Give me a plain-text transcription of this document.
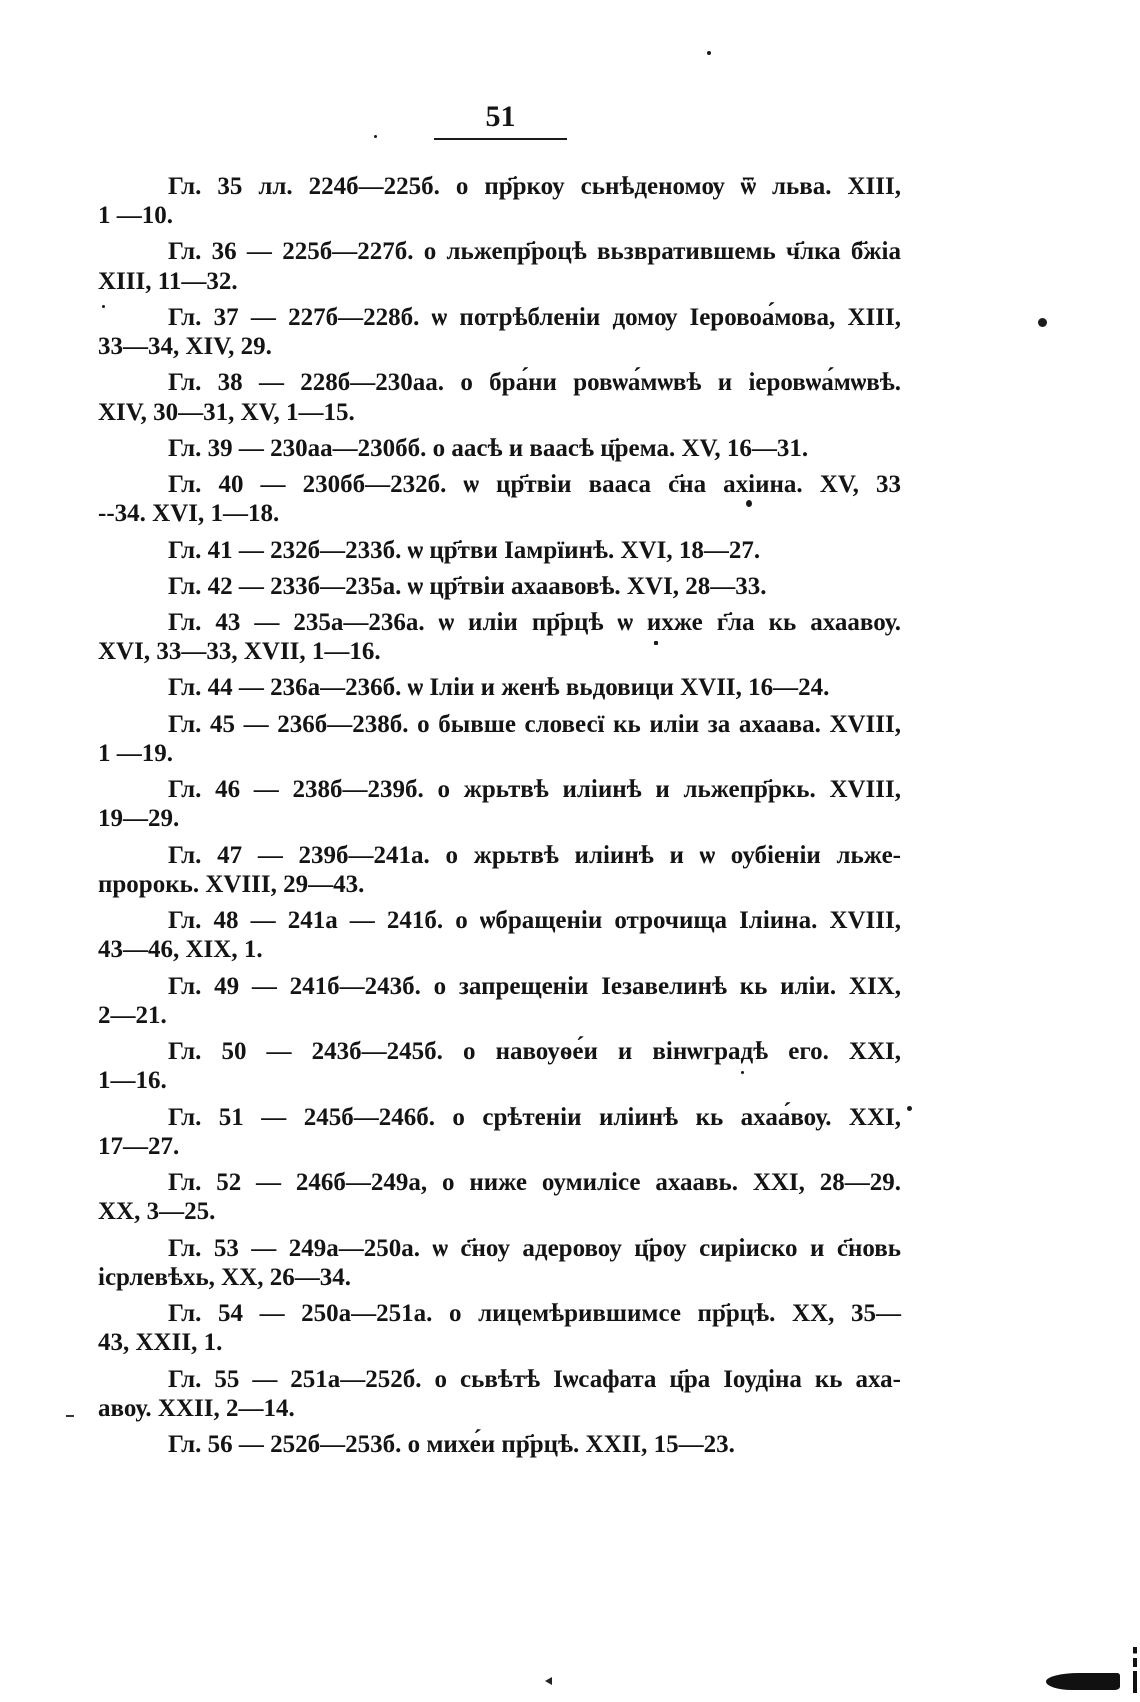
51
Гл. 35 лл. 224б—225б. о пр҃ркоу сьнѣденомѹ ѿ льва. XIII,
1 —10.
Гл. 36 — 225б—227б. о льжепр҃роцѣ вьзвратившемь ч҃лка б҃жіа
XIII, 11—32.
Гл. 37 — 227б—228б. ѡ потрѣбленіи домѹ Іеровоа́мова, XIII,
33—34, XIV, 29.
Гл. 38 — 228б—230аа. о бра́ни ровѡа́мѡвѣ и іеровѡа́мѡвѣ.
XIV, 30—31, XV, 1—15.
Гл. 39 — 230аа—230бб. о аасѣ и ваасѣ ц҃рема. XV, 16—31.
Гл. 40 — 230бб—232б. ѡ цр҃твіи вааса с҃на ахіина. XV, 33
--34. XVI, 1—18.
Гл. 41 — 232б—233б. ѡ цр҃тви Іамрїинѣ. XVI, 18—27.
Гл. 42 — 233б—235а. ѡ цр҃твіи ахаавовѣ. XVI, 28—33.
Гл. 43 — 235а—236а. ѡ иліи пр҃рцѣ ѡ ихже г҃ла кь ахаавоу.
XVI, 33—33, XVII, 1—16.
Гл. 44 — 236а—236б. ѡ Іліи и женѣ вьдовици XVII, 16—24.
Гл. 45 — 236б—238б. о бывше словесї кь иліи за ахаава. XVIII,
1 —19.
Гл. 46 — 238б—239б. о жрьтвѣ иліинѣ и льжепр҃ркь. XVIII,
19—29.
Гл. 47 — 239б—241а. о жрьтвѣ иліинѣ и ѡ оубіеніи льже-
пророкь. XVIII, 29—43.
Гл. 48 — 241а — 241б. о ѡбращеніи отрочища Іліина. XVIII,
43—46, XIX, 1.
Гл. 49 — 241б—243б. о запрещеніи Іезавелинѣ кь иліи. XIX,
2—21.
Гл. 50 — 243б—245б. о навоуѳе́и и вінѡградѣ его. XXI,
1—16.
Гл. 51 — 245б—246б. о срѣтеніи иліинѣ кь ахаа́воу. XXI,
17—27.
Гл. 52 — 246б—249а, о ниже оумилісе ахаавь. XXI, 28—29.
XX, 3—25.
Гл. 53 — 249а—250а. ѡ с҃ноу адеровоу ц҃роу сиріиско и с҃новь
ісрлевѣхь, XX, 26—34.
Гл. 54 — 250а—251а. о лицемѣрившимсе пр҃рцѣ. XX, 35—
43, XXII, 1.
Гл. 55 — 251а—252б. о сьвѣтѣ Іѡсафата ц҃ра Іоудіна кь аха-
авоу. XXII, 2—14.
Гл. 56 — 252б—253б. о михе́и пр҃рцѣ. XXII, 15—23.
